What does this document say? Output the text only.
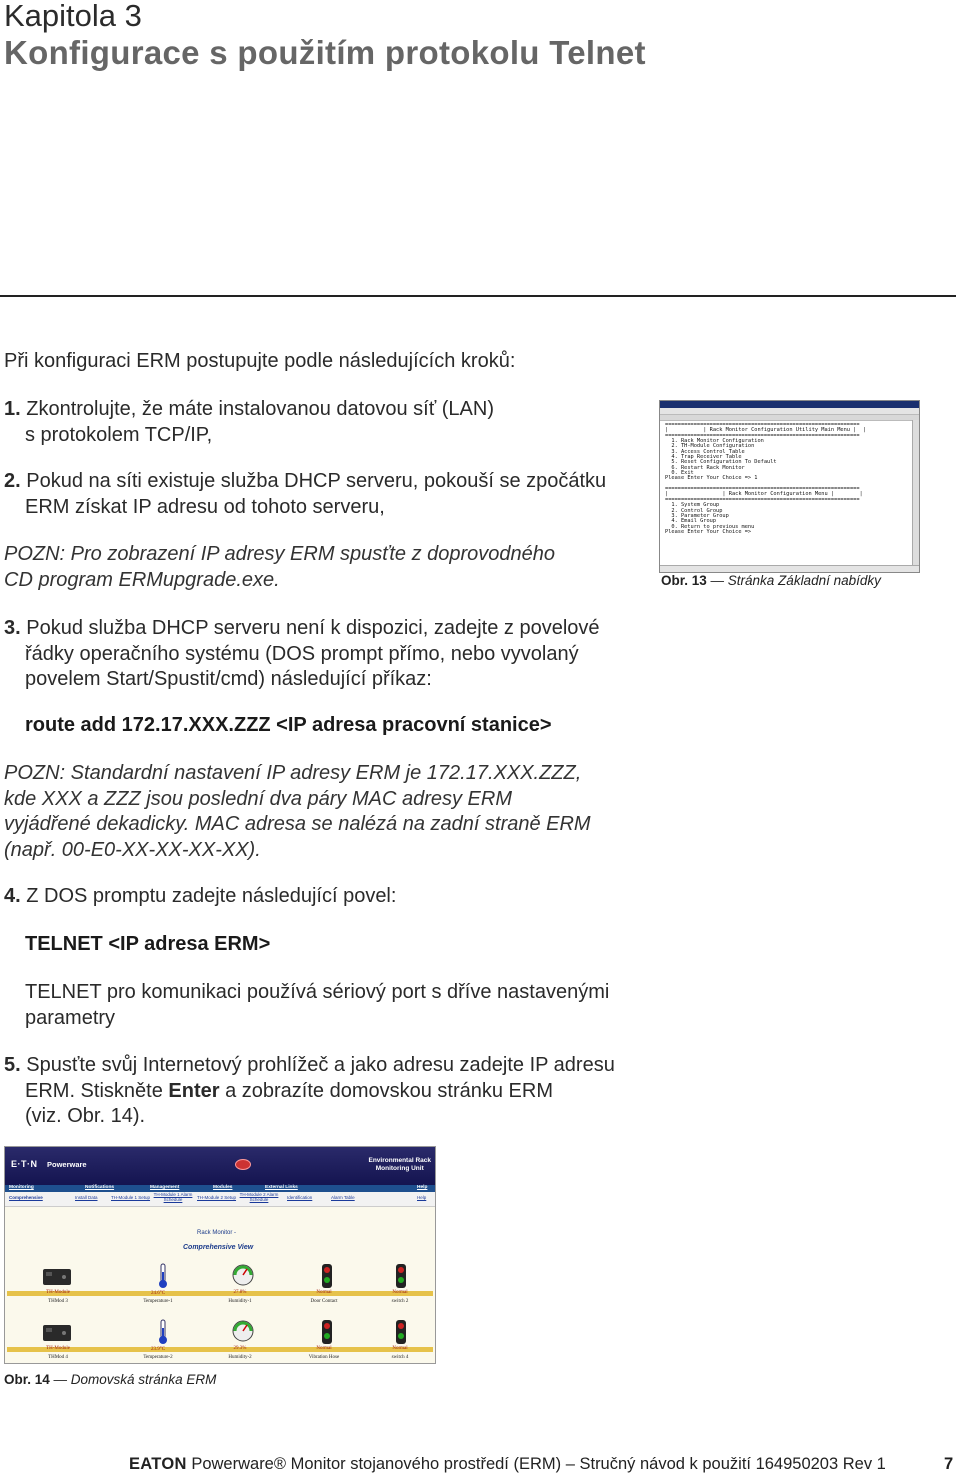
Kapitola 3
Konfigurace s použitím protokolu Telnet
Při konfiguraci ERM postupujte podle následujících kroků:
1. Zkontrolujte, že máte instalovanou datovou síť (LAN)
s protokolem TCP/IP,
2. Pokud na síti existuje služba DHCP serveru, pokouší se zpočátku
ERM získat IP adresu od tohoto serveru,
POZN: Pro zobrazení IP adresy ERM spusťte z doprovodného
CD program ERMupgrade.exe.
=============================================================
|           | Rack Monitor Configuration Utility Main Menu |  |
=============================================================
1. Rack Monitor Configuration
2. TH-Module Configuration
3. Access Control Table
4. Trap Receiver Table
5. Reset Configuration To Default
6. Restart Rack Monitor
0. Exit
Please Enter Your Choice => 1

=============================================================
|                 | Rack Monitor Configuration Menu |        |
=============================================================
1. System Group
2. Control Group
3. Parameter Group
4. Email Group
0. Return to previous menu
Please Enter Your Choice =>
Obr. 13 — Stránka Základní nabídky
3. Pokud služba DHCP serveru není k dispozici, zadejte z povelové
řádky operačního systému (DOS prompt přímo, nebo vyvolaný
povelem Start/Spustit/cmd) následující příkaz:
route add 172.17.XXX.ZZZ <IP adresa pracovní stanice>
POZN: Standardní nastavení IP adresy ERM je 172.17.XXX.ZZZ,
kde XXX a ZZZ jsou poslední dva páry MAC adresy ERM
vyjádřené dekadicky. MAC adresa se nalézá na zadní straně ERM
(např. 00-E0-XX-XX-XX-XX).
4. Z DOS promptu zadejte následující povel:
TELNET <IP adresa ERM>
TELNET pro komunikaci používá sériový port s dříve nastavenými
parametry
5. Spusťte svůj Internetový prohlížeč a jako adresu zadejte IP adresu
ERM. Stiskněte Enter a zobrazíte domovskou stránku ERM
(viz. Obr. 14).
E·T·N Powerware	Environmental Rack
Monitoring Unit
Monitoring	Notifications	Management	Modules	External Links	Help
Comprehensive	Install Data	TH-Module 1 Setup
TH-Module 1 Alarm Schedule	TH-Module 2 Setup
TH-Module 2 Alarm Schedule	Identification	Alarm Table	Help
Rack Monitor -
Comprehensive View
TH-Module	24.6°C	27.8%	Normal	Normal
THMod 3	Temperature-1	Humidity-1	Door Contact	switch 2
TH-Module	23.9°C	29.3%	Normal	Normal
THMod 4	Temperature-2	Humidity-2	Vibration Hose	switch 4
Obr. 14 — Domovská stránka ERM
EATON Powerware® Monitor stojanového prostředí (ERM) – Stručný návod k použití 164950203 Rev 1	7
